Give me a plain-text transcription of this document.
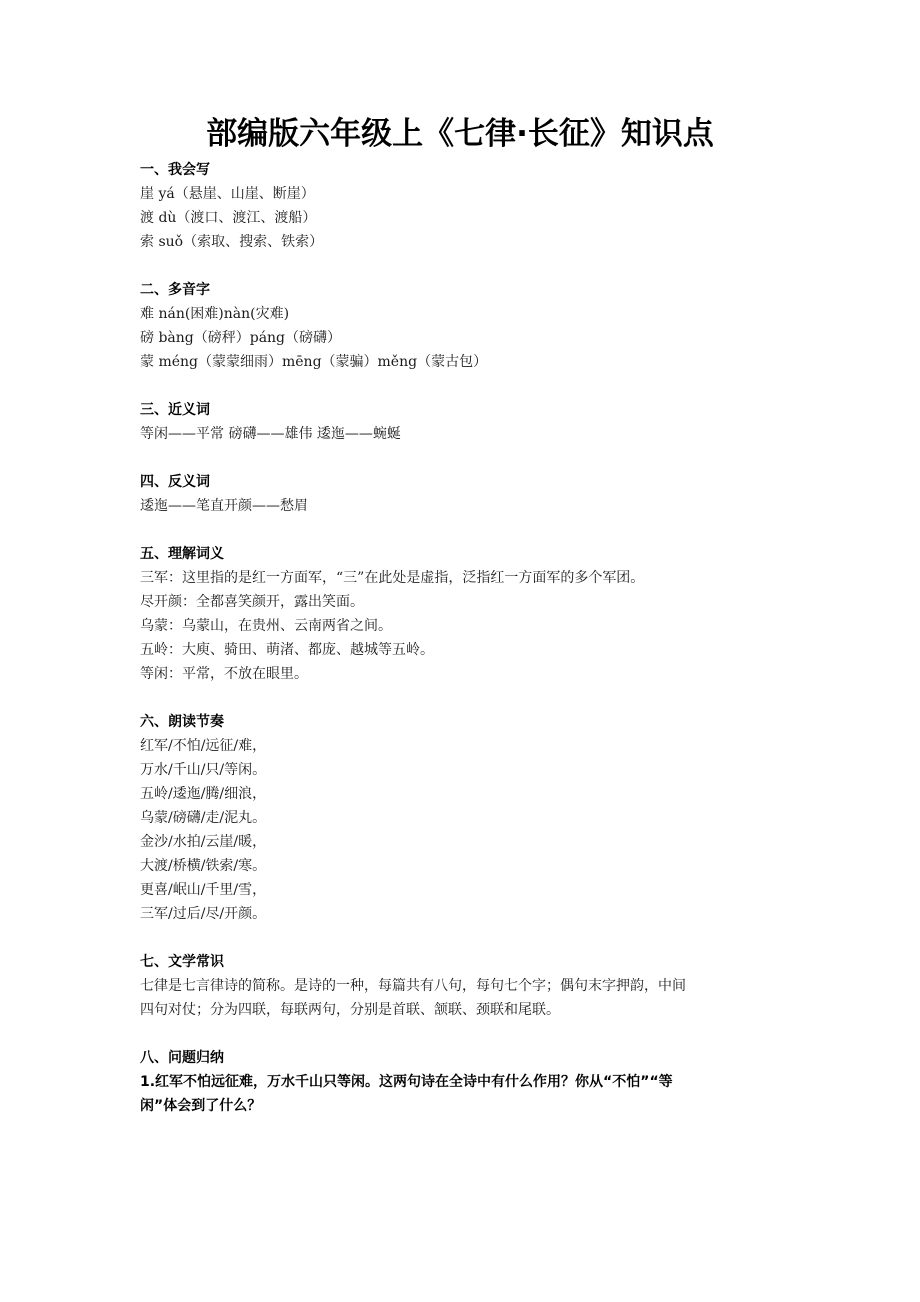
部编版六年级上《七律·长征》知识点
一、我会写
崖 yá（悬崖、山崖、断崖）
渡 dù（渡口、渡江、渡船）
索 suǒ（索取、搜索、铁索）
二、多音字
难 nán(困难)nàn(灾难)
磅 bàng（磅秤）páng（磅礴）
蒙 méng（蒙蒙细雨）mēng（蒙骗）měng（蒙古包）
三、近义词
等闲——平常 磅礴——雄伟 逶迤——蜿蜒
四、反义词
逶迤——笔直开颜——愁眉
五、理解词义
三军：这里指的是红一方面军，“三”在此处是虚指，泛指红一方面军的多个军团。
尽开颜：全都喜笑颜开，露出笑面。
乌蒙：乌蒙山，在贵州、云南两省之间。
五岭：大庾、骑田、萌渚、都庞、越城等五岭。
等闲：平常，不放在眼里。
六、朗读节奏
红军/不怕/远征/难，
万水/千山/只/等闲。
五岭/逶迤/腾/细浪，
乌蒙/磅礴/走/泥丸。
金沙/水拍/云崖/暖，
大渡/桥横/铁索/寒。
更喜/岷山/千里/雪，
三军/过后/尽/开颜。
七、文学常识
七律是七言律诗的简称。是诗的一种，每篇共有八句，每句七个字；偶句末字押韵，中间
四句对仗；分为四联，每联两句，分别是首联、颔联、颈联和尾联。
八、问题归纳
1.红军不怕远征难，万水千山只等闲。这两句诗在全诗中有什么作用？你从“不怕”“等
闲”体会到了什么？
